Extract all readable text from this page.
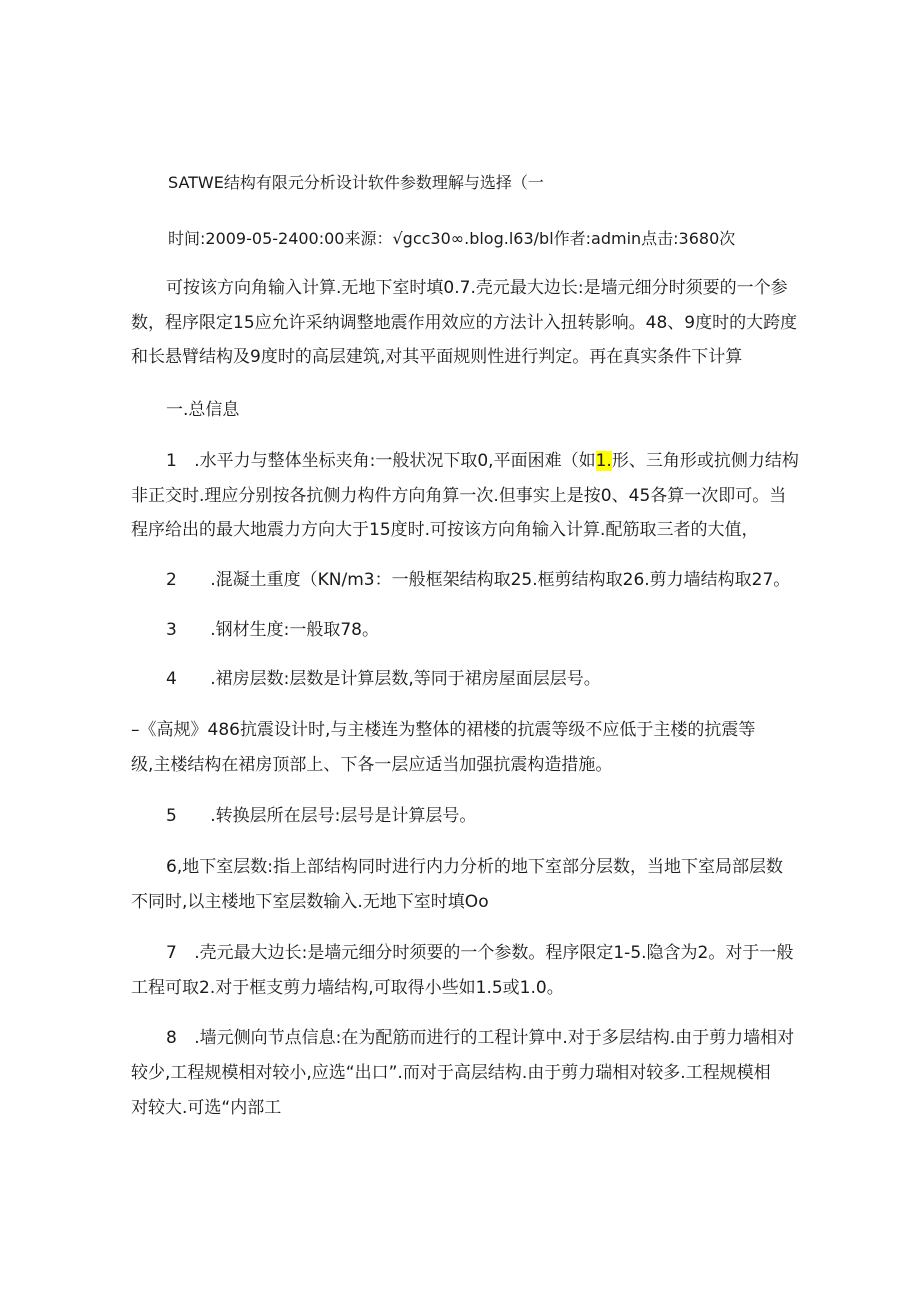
SATWE结构有限元分析设计软件参数理解与选择（一
时间:2009-05-2400:00来源：√gcc30∞.blog.l63∕bl作者:admin点击:3680次
可按该方向角输入计算.无地下室时填0.7.壳元最大边长:是墙元细分时须要的一个参
数，程序限定15应允许采纳调整地震作用效应的方法计入扭转影响。48、9度时的大跨度
和长悬臂结构及9度时的高层建筑,对其平面规则性进行判定。再在真实条件下计算
一.总信息
1 .水平力与整体坐标夹角:一般状况下取0,平面困难（如1.形、三角形或抗侧力结构
非正交时.理应分别按各抗侧力构件方向角算一次.但事实上是按0、45各算一次即可。当
程序给出的最大地震力方向大于15度时.可按该方向角输入计算.配筋取三者的大值，
2 .混凝土重度（KN/m3：一般框架结构取25.框剪结构取26.剪力墙结构取27。
3 .钢材生度:一般取78。
4 .裙房层数:层数是计算层数,等同于裙房屋面层层号。
–《高规》486抗震设计时,与主楼连为整体的裙楼的抗震等级不应低于主楼的抗震等
级,主楼结构在裙房顶部上、下各一层应适当加强抗震构造措施。
5 .转换层所在层号:层号是计算层号。
6,地下室层数:指上部结构同时进行内力分析的地下室部分层数，当地下室局部层数
不同时,以主楼地下室层数输入.无地下室时填Oo
7 .壳元最大边长:是墙元细分时须要的一个参数。程序限定1-5.隐含为2。对于一般
工程可取2.对于框支剪力墙结构,可取得小些如1.5或1.0。
8 .墙元侧向节点信息:在为配筋而进行的工程计算中.对于多层结构.由于剪力墙相对
较少,工程规模相对较小,应选“出口”.而对于高层结构.由于剪力瑞相对较多.工程规模相
对较大.可选“内部工
